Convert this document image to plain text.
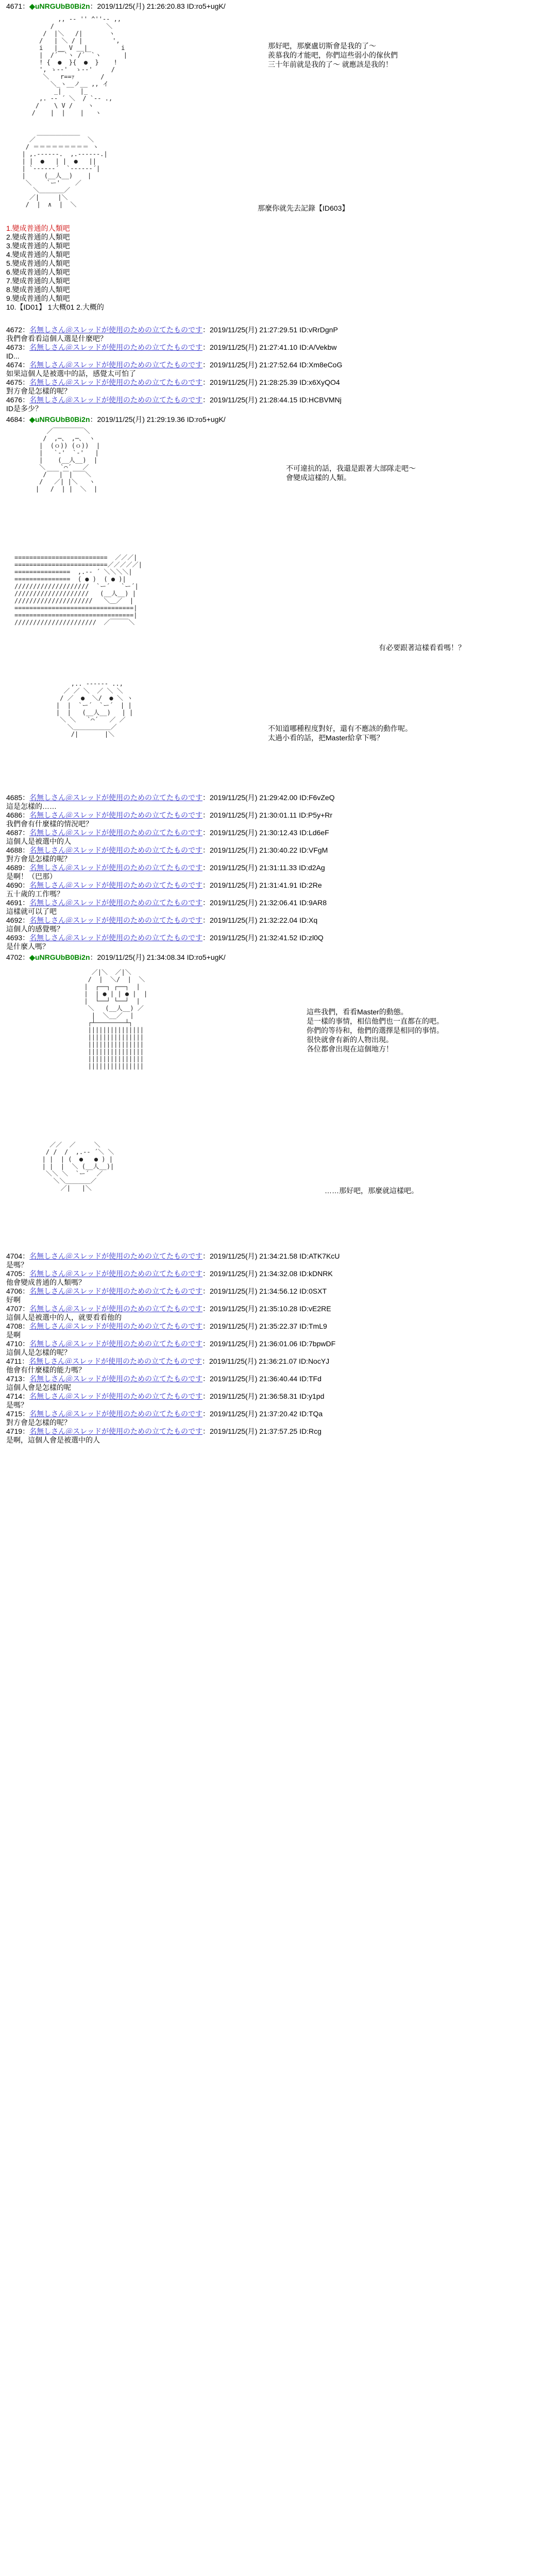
4671：◆uNRGUbB0Bi2n：2019/11/25(月) 21:26:20.83 ID:ro5+ugK/
,, -‐ '' ^''‐- ,,
/              ＼
/  |＼   /|       ヽ
/   | ＼ / |        ',
i   |__ V __|         i
|  /´￣`ヽ /´￣`ヽ      |
! {  ●  }{  ●  }    !
', ゝ--'  ゝ--'     /
＼   r==ｧ       /
＼_ヽ__ノ__ ,, イ
_|     |_
,. -‐ ´ ＼  / `‐- .,
/    \ V /    ヽ
/    |  |    |   ヽ
那好吧，那麼盧切斯會是我的了～
羨慕我的才能吧，你們這些弱小的傢伙們
三十年前就是我的了～ 就應該是我的！
＿＿＿＿＿＿＿
／              ＼
/ ＝＝＝＝＝＝＝＝＝ ヽ
| ,.--‐‐--.  ,.--‐‐--.|
| |  ●   | |  ●   ||
| `-‐‐‐‐-´  `-‐‐‐‐-´|
|     (__人__)    |
＼    `ー'    ／
＼＿＿＿＿／
／|     |＼
/  |  ∧  |  ＼	那麼你就先去記錄【ID603】
1.變成普通的人類吧
2.變成普通的人類吧
3.變成普通的人類吧
4.變成普通的人類吧
5.變成普通的人類吧
6.變成普通的人類吧
7.變成普通的人類吧
8.變成普通的人類吧
9.變成普通的人類吧
10.【ID01】 1大概01 2.大概的
4672：名無しさん＠スレッドが使用のための立てたものです：2019/11/25(月) 21:27:29.51 ID:vRrDgnP
我們會看看這個人選是什麼吧？
4673：名無しさん＠スレッドが使用のための立てたものです：2019/11/25(月) 21:27:41.10 ID:A/Vekbw
ID...
4674：名無しさん＠スレッドが使用のための立てたものです：2019/11/25(月) 21:27:52.64 ID:Xm8eCoG
如果這個人是被選中的話，感覺太可怕了
4675：名無しさん＠スレッドが使用のための立てたものです：2019/11/25(月) 21:28:25.39 ID:x6XyQO4
對方會是怎樣的呢？
4676：名無しさん＠スレッドが使用のための立てたものです：2019/11/25(月) 21:28:44.15 ID:HCBVMNj
ID是多少？
4684：◆uNRGUbB0Bi2n：2019/11/25(月) 21:29:19.36 ID:ro5+ugK/
／￣￣￣￣￣＼
/  ,─、 ,─、 ヽ
|  (ｏ)) (ｏ))  |
|   `-'  `-'   |
|    (__人__)  |
＼    `⌒´   ／
/￣￣|￣|￣￣＼
/   ／| |＼   ヽ
|   /  | |  ＼  |
不可違抗的話，我還是跟著大部隊走吧～
會變成這樣的人類。
=========================  ／／／|
=========================／／／／／|
===============  ,.-‐ ´ ＼＼＼＼|
===============  ( ● )  ( ● )|
////////////////////  `ー´   `ー´|
////////////////////   (__人__) |
/////////////////////   ＼＿／  |
================================|
================================|
//////////////////////  ／￣￣￣＼
有必要跟著這樣看看嗎！？
,.. -‐‐‐‐- ..,
／ ／ ＼  ／ ＼ ＼
/ ／  ●  ＼/  ● ＼ ヽ
|  |  `ー´  `ー´  | |
|  |   (__人__)   | |
＼ ＼   `⌒´   ／ ／
＼＿＿＿＿＿＿／
/|       |＼
不知道哪種程度對好，還有不應該的動作呢。
太過小看的話，把Master給拿下嗎？
4685：名無しさん＠スレッドが使用のための立てたものです：2019/11/25(月) 21:29:42.00 ID:F6vZeQ
這是怎樣的……
4686：名無しさん＠スレッドが使用のための立てたものです：2019/11/25(月) 21:30:01.11 ID:P5y+Rr
我們會有什麼樣的情況吧？
4687：名無しさん＠スレッドが使用のための立てたものです：2019/11/25(月) 21:30:12.43 ID:Ld6eF
這個人是被選中的人
4688：名無しさん＠スレッドが使用のための立てたものです：2019/11/25(月) 21:30:40.22 ID:VFgM
對方會是怎樣的呢？
4689：名無しさん＠スレッドが使用のための立てたものです：2019/11/25(月) 21:31:11.33 ID:d2Ag
是啊！（巴那）
4690：名無しさん＠スレッドが使用のための立てたものです：2019/11/25(月) 21:31:41.91 ID:2Re
五十歲的工作嗎？
4691：名無しさん＠スレッドが使用のための立てたものです：2019/11/25(月) 21:32:06.41 ID:9AR8
這樣就可以了吧
4692：名無しさん＠スレッドが使用のための立てたものです：2019/11/25(月) 21:32:22.04 ID:Xq
這個人的感覺嗎？
4693：名無しさん＠スレッドが使用のための立てたものです：2019/11/25(月) 21:32:41.52 ID:zl0Q
是什麼人嗎？
4702：◆uNRGUbB0Bi2n：2019/11/25(月) 21:34:08.34 ID:ro5+ugK/
／|＼  ／|＼
/  |  ＼/  |  ＼
|  ┌──┐ ┌──┐  |
|  | ● | | ● |  |
|  └──┘ └──┘  |
＼   (__人__) ／
|  ＼__／  |
┌┴────────┴┐
|||||||||||||||
|||||||||||||||
|||||||||||||||
|||||||||||||||
|||||||||||||||
|||||||||||||||
這些我們，看看Master的動態。
是一樣的事情，相信他們也一直都在的吧。
你們的等待和，他們的選擇是相同的事情。
很快就會有新的人物出現。
各位都會出現在這個地方！
／／  ／     ＼
/ /  /  ,.-‐ ´＼ ＼
| |  | (  ●   ● ) |
| |  |  ＼ (__人__)|
＼＼ ＼  `ー´  ／
＼＼＿＿＿＿／
／|   |＼	……那好吧，那麼就這樣吧。
4704：名無しさん＠スレッドが使用のための立てたものです：2019/11/25(月) 21:34:21.58 ID:ATK7KcU
是嗎？
4705：名無しさん＠スレッドが使用のための立てたものです：2019/11/25(月) 21:34:32.08 ID:kDNRK
他會變成普通的人類嗎？
4706：名無しさん＠スレッドが使用のための立てたものです：2019/11/25(月) 21:34:56.12 ID:0SXT
好啊
4707：名無しさん＠スレッドが使用のための立てたものです：2019/11/25(月) 21:35:10.28 ID:vE2RE
這個人是被選中的人，就要看看他的
4708：名無しさん＠スレッドが使用のための立てたものです：2019/11/25(月) 21:35:22.37 ID:TmL9
是啊
4710：名無しさん＠スレッドが使用のための立てたものです：2019/11/25(月) 21:36:01.06 ID:7bpwDF
這個人是怎樣的呢？
4711：名無しさん＠スレッドが使用のための立てたものです：2019/11/25(月) 21:36:21.07 ID:NocYJ
他會有什麼樣的能力嗎？
4713：名無しさん＠スレッドが使用のための立てたものです：2019/11/25(月) 21:36:40.44 ID:TFd
這個人會是怎樣的呢
4714：名無しさん＠スレッドが使用のための立てたものです：2019/11/25(月) 21:36:58.31 ID:y1pd
是嗎？
4715：名無しさん＠スレッドが使用のための立てたものです：2019/11/25(月) 21:37:20.42 ID:TQa
對方會是怎樣的呢？
4719：名無しさん＠スレッドが使用のための立てたものです：2019/11/25(月) 21:37:57.25 ID:Rcg
是啊，這個人會是被選中的人
